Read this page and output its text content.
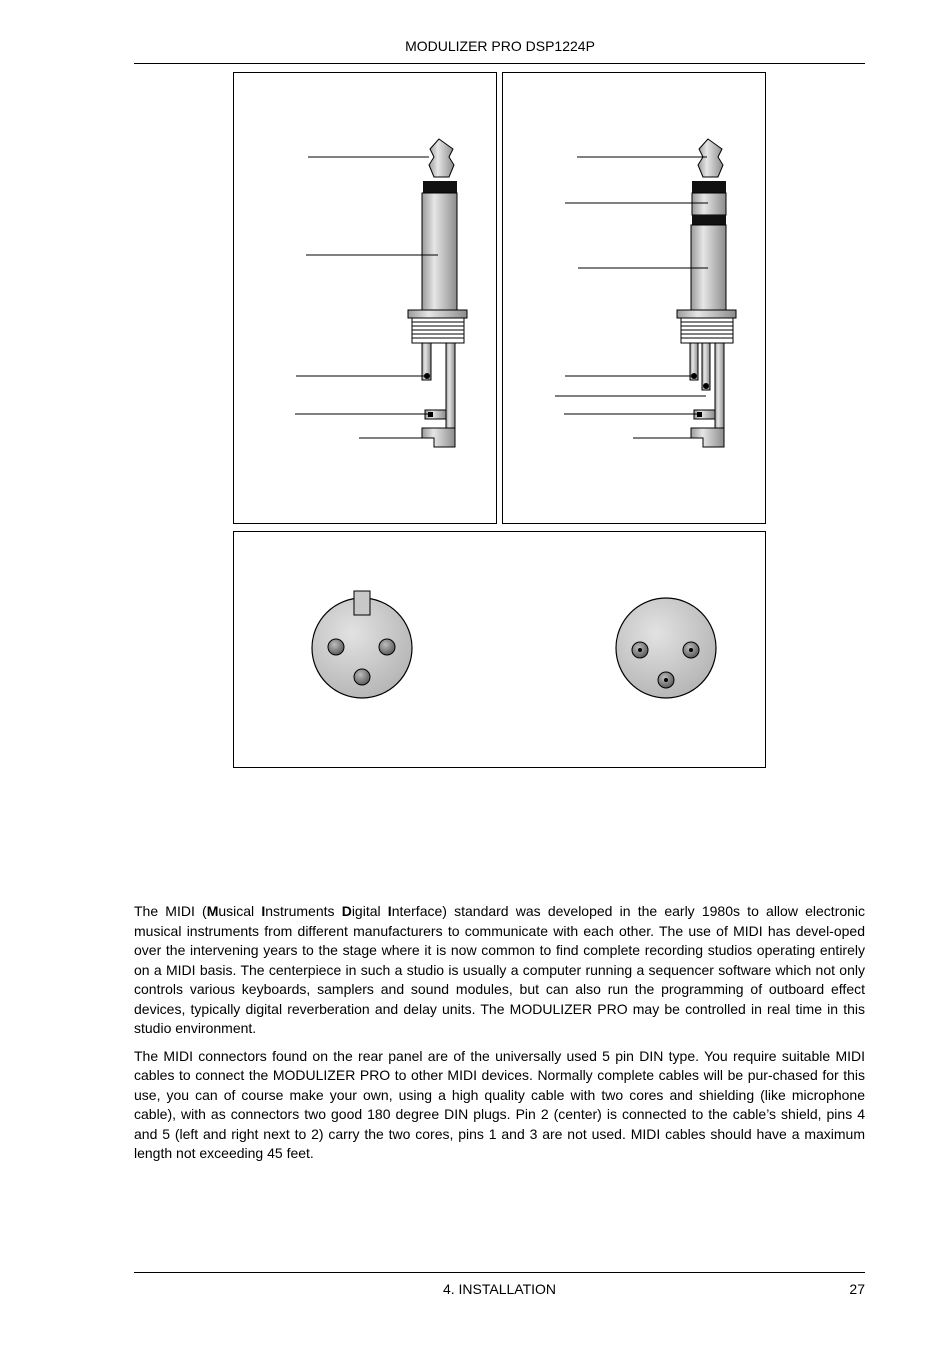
MODULIZER PRO DSP1224P

The MIDI (Musical Instruments Digital Interface) standard was developed in the early 1980s to allow electronic musical instruments from different manufacturers to communicate with each other. The use of MIDI has devel-oped over the intervening years to the stage where it is now common to find complete recording studios operating entirely on a MIDI basis. The centerpiece in such a studio is usually a computer running a sequencer software which not only controls various keyboards, samplers and sound modules, but can also run the programming of outboard effect devices, typically digital reverberation and delay units. The MODULIZER PRO may be controlled in real time in this studio environment.

The MIDI connectors found on the rear panel are of the universally used 5 pin DIN type. You require suitable MIDI cables to connect the MODULIZER PRO to other MIDI devices. Normally complete cables will be pur-chased for this use, you can of course make your own, using a high quality cable with two cores and shielding (like microphone cable), with as connectors two good 180 degree DIN plugs. Pin 2 (center) is connected to the cable’s shield, pins 4 and 5 (left and right next to 2) carry the two cores, pins 1 and 3 are not used. MIDI cables should have a maximum length not exceeding 45 feet.

4. INSTALLATION	27
